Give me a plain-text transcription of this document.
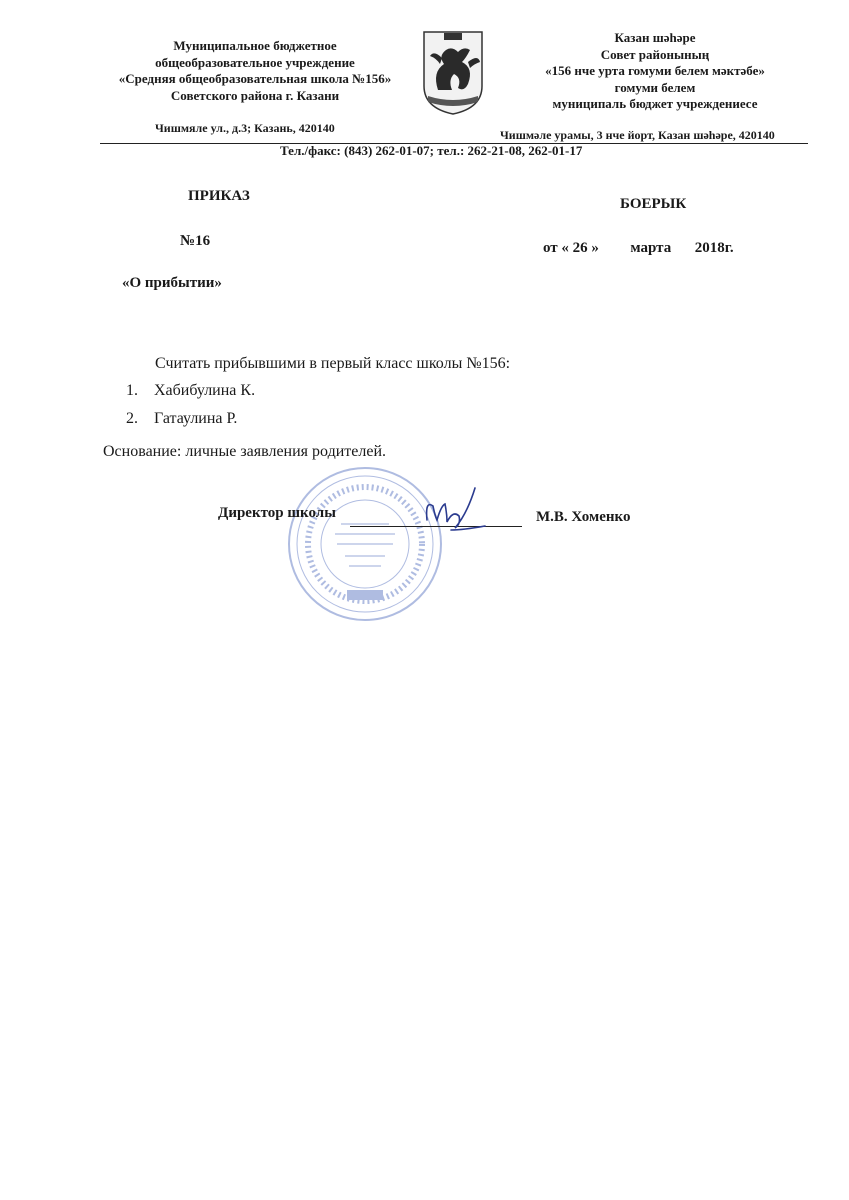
Муниципальное бюджетное
общеобразовательное учреждение
«Средняя общеобразовательная школа №156»
Советского района г. Казани
Казан шәһәре
Совет районының
«156 нче урта гомуми белем мәктәбе»
гомуми белем
муниципаль бюджет учреждениесе
Чишмяле ул., д.3; Казань, 420140	Чишмәле урамы, 3 нче йорт, Казан шәһәре, 420140
Тел./факс: (843) 262-01-07; тел.: 262-21-08, 262-01-17
ПРИКАЗ	БОЕРЫК
№16	от « 26 » марта 2018г.
«О прибытии»
Считать прибывшими в первый класс школы №156:
1. Хабибулина К.
2. Гатаулина Р.
Основание: личные заявления родителей.
Директор школы	М.В. Хоменко
